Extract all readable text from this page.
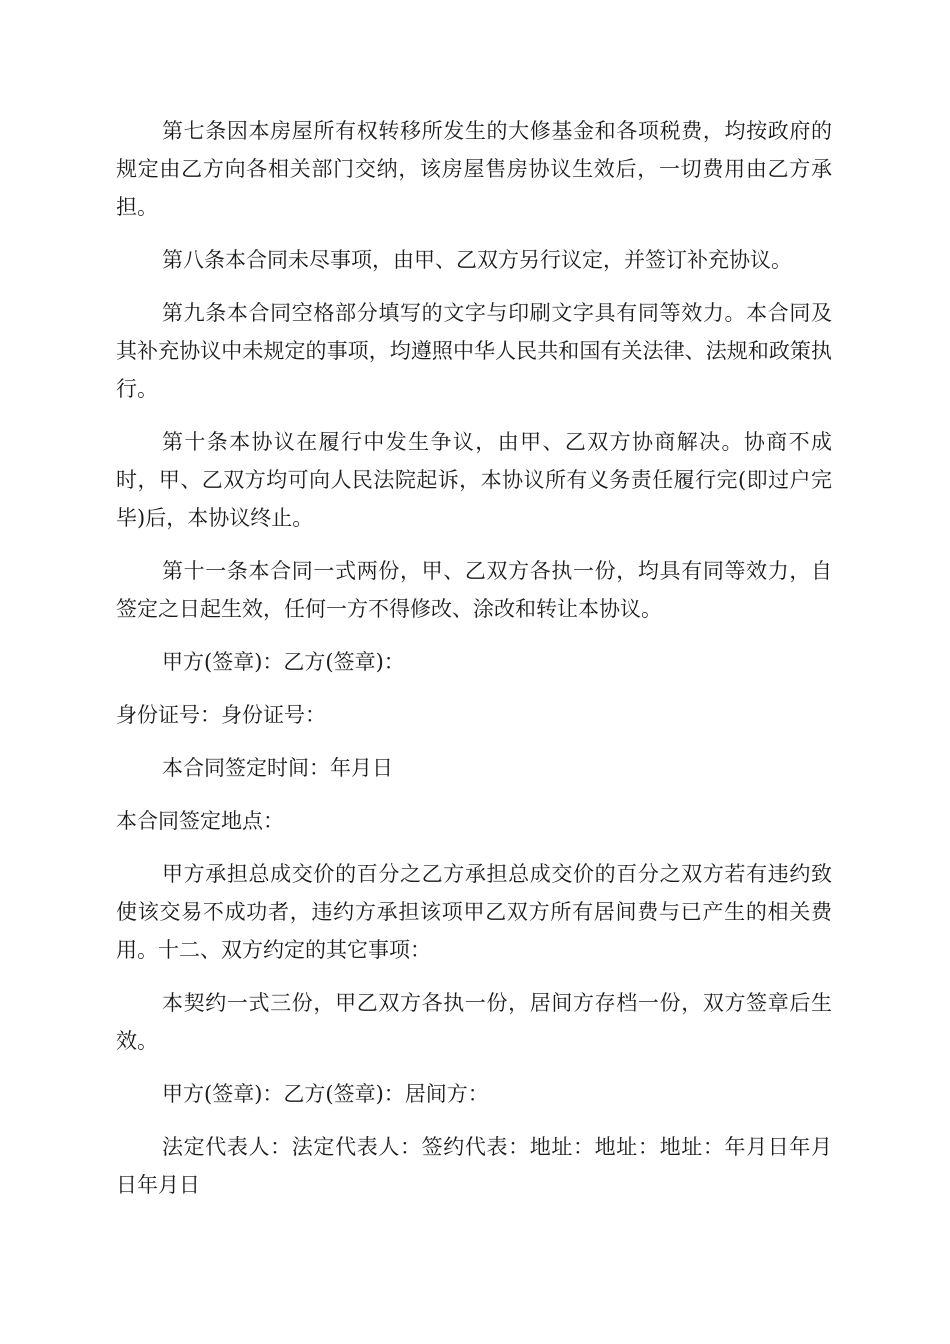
第七条因本房屋所有权转移所发生的大修基金和各项税费，均按政府的规定由乙方向各相关部门交纳，该房屋售房协议生效后，一切费用由乙方承担。

第八条本合同未尽事项，由甲、乙双方另行议定，并签订补充协议。

第九条本合同空格部分填写的文字与印刷文字具有同等效力。本合同及其补充协议中未规定的事项，均遵照中华人民共和国有关法律、法规和政策执行。

第十条本协议在履行中发生争议，由甲、乙双方协商解决。协商不成时，甲、乙双方均可向人民法院起诉，本协议所有义务责任履行完(即过户完毕)后，本协议终止。

第十一条本合同一式两份，甲、乙双方各执一份，均具有同等效力，自签定之日起生效，任何一方不得修改、涂改和转让本协议。

甲方(签章)：乙方(签章)：

身份证号：身份证号：

本合同签定时间：年月日

本合同签定地点：

甲方承担总成交价的百分之乙方承担总成交价的百分之双方若有违约致使该交易不成功者，违约方承担该项甲乙双方所有居间费与已产生的相关费用。十二、双方约定的其它事项：

本契约一式三份，甲乙双方各执一份，居间方存档一份，双方签章后生效。

甲方(签章)：乙方(签章)：居间方：

法定代表人：法定代表人：签约代表：地址：地址：地址：年月日年月日年月日
